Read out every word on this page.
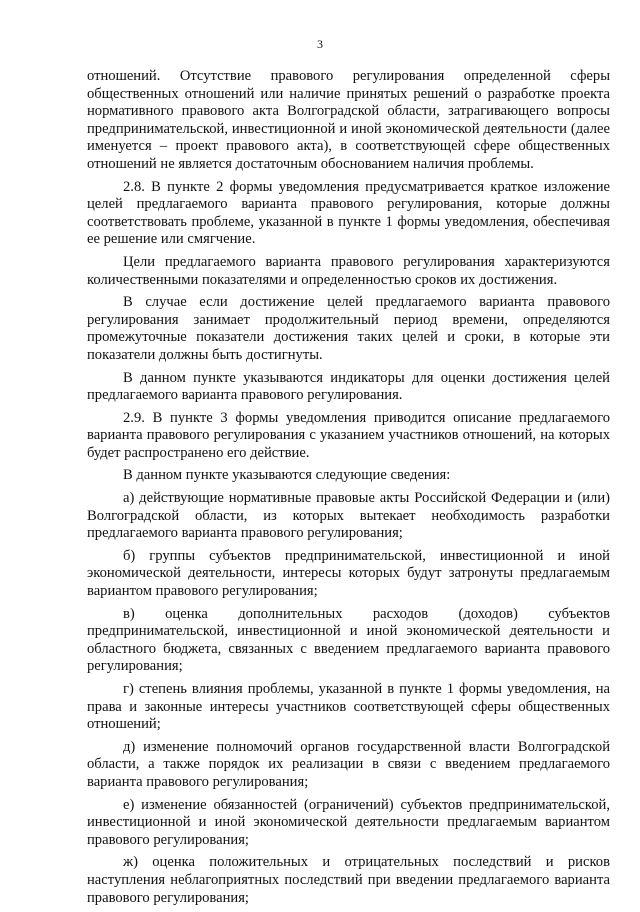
3

отношений. Отсутствие правового регулирования определенной сферы общественных отношений или наличие принятых решений о разработке проекта нормативного правового акта Волгоградской области, затрагивающего вопросы предпринимательской, инвестиционной и иной экономической деятельности (далее именуется – проект правового акта), в соответствующей сфере общественных отношений не является достаточным обоснованием наличия проблемы.

2.8. В пункте 2 формы уведомления предусматривается краткое изложение целей предлагаемого варианта правового регулирования, которые должны соответствовать проблеме, указанной в пункте 1 формы уведомления, обеспечивая ее решение или смягчение.

Цели предлагаемого варианта правового регулирования характеризуются количественными показателями и определенностью сроков их достижения.

В случае если достижение целей предлагаемого варианта правового регулирования занимает продолжительный период времени, определяются промежуточные показатели достижения таких целей и сроки, в которые эти показатели должны быть достигнуты.

В данном пункте указываются индикаторы для оценки достижения целей предлагаемого варианта правового регулирования.

2.9. В пункте 3 формы уведомления приводится описание предлагаемого варианта правового регулирования с указанием участников отношений, на которых будет распространено его действие.

В данном пункте указываются следующие сведения:

а) действующие нормативные правовые акты Российской Федерации и (или) Волгоградской области, из которых вытекает необходимость разработки предлагаемого варианта правового регулирования;

б) группы субъектов предпринимательской, инвестиционной и иной экономической деятельности, интересы которых будут затронуты предлагаемым вариантом правового регулирования;

в) оценка дополнительных расходов (доходов) субъектов предпринимательской, инвестиционной и иной экономической деятельности и областного бюджета, связанных с введением предлагаемого варианта правового регулирования;

г) степень влияния проблемы, указанной в пункте 1 формы уведомления, на права и законные интересы участников соответствующей сферы общественных отношений;

д) изменение полномочий органов государственной власти Волгоградской области, а также порядок их реализации в связи с введением предлагаемого варианта правового регулирования;

е) изменение обязанностей (ограничений) субъектов предпринимательской, инвестиционной и иной экономической деятельности предлагаемым вариантом правового регулирования;

ж) оценка положительных и отрицательных последствий и рисков наступления неблагоприятных последствий при введении предлагаемого варианта правового регулирования;
